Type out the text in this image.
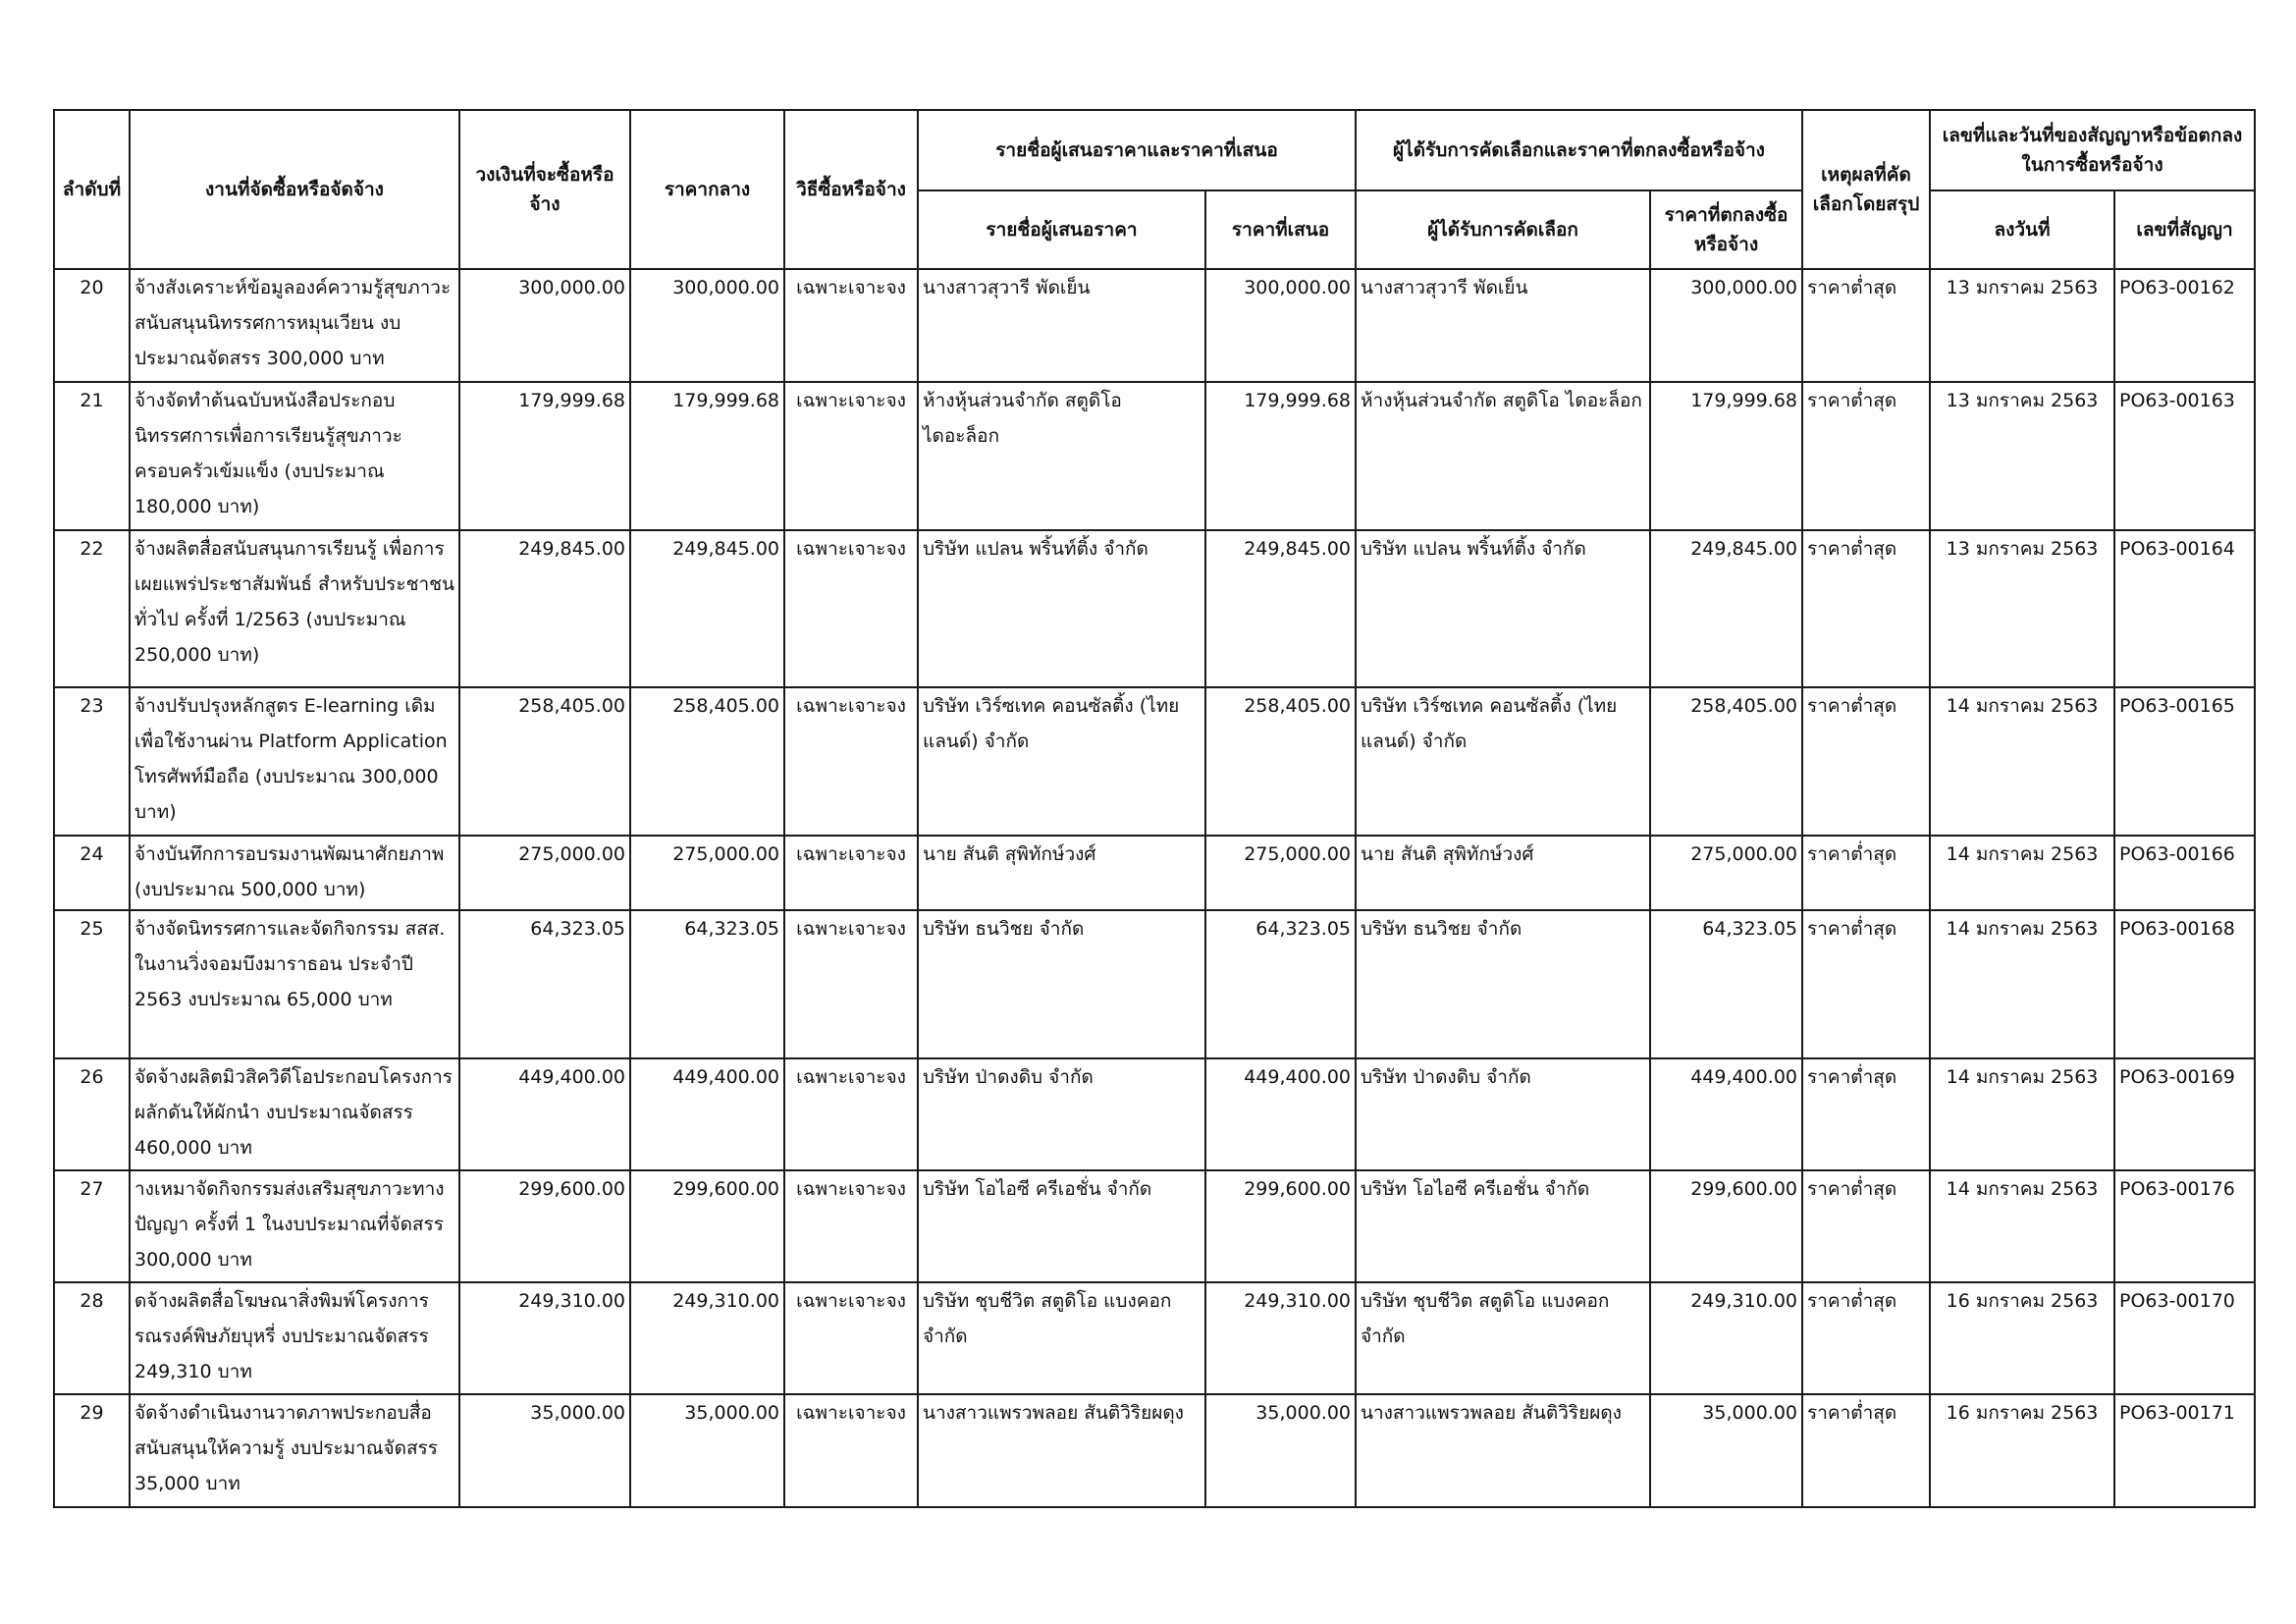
ลำดับที่	งานที่จัดซื้อหรือจัดจ้าง	วงเงินที่จะซื้อหรือจ้าง	ราคากลาง	วิธีซื้อหรือจ้าง	รายชื่อผู้เสนอราคาและราคาที่เสนอ		ผู้ได้รับการคัดเลือกและราคาที่ตกลงซื้อหรือจ้าง		เหตุผลที่คัดเลือกโดยสรุป	เลขที่และวันที่ของสัญญาหรือข้อตกลงในการซื้อหรือจ้าง	
					รายชื่อผู้เสนอราคา	ราคาที่เสนอ	ผู้ได้รับการคัดเลือก	ราคาที่ตกลงซื้อหรือจ้าง		ลงวันที่	เลขที่สัญญา
20	จ้างสังเคราะห์ข้อมูลองค์ความรู้สุขภาวะ สนับสนุนนิทรรศการหมุนเวียน งบประมาณจัดสรร 300,000 บาท	300,000.00	300,000.00	เฉพาะเจาะจง	นางสาวสุวารี พัดเย็น	300,000.00	นางสาวสุวารี พัดเย็น	300,000.00	ราคาต่ำสุด	13 มกราคม 2563	PO63-00162
21	จ้างจัดทำต้นฉบับหนังสือประกอบนิทรรศการเพื่อการเรียนรู้สุขภาวะครอบครัวเข้มแข็ง (งบประมาณ 180,000 บาท)	179,999.68	179,999.68	เฉพาะเจาะจง	ห้างหุ้นส่วนจำกัด สตูดิโอ ไดอะล็อก	179,999.68	ห้างหุ้นส่วนจำกัด สตูดิโอ ไดอะล็อก	179,999.68	ราคาต่ำสุด	13 มกราคม 2563	PO63-00163
22	จ้างผลิตสื่อสนับสนุนการเรียนรู้ เพื่อการเผยแพร่ประชาสัมพันธ์ สำหรับประชาชนทั่วไป ครั้งที่ 1/2563 (งบประมาณ 250,000 บาท)	249,845.00	249,845.00	เฉพาะเจาะจง	บริษัท แปลน พริ้นท์ติ้ง จำกัด	249,845.00	บริษัท แปลน พริ้นท์ติ้ง จำกัด	249,845.00	ราคาต่ำสุด	13 มกราคม 2563	PO63-00164
23	จ้างปรับปรุงหลักสูตร E-learning เดิม เพื่อใช้งานผ่าน Platform Application โทรศัพท์มือถือ (งบประมาณ 300,000 บาท)	258,405.00	258,405.00	เฉพาะเจาะจง	บริษัท เวิร์ซเทค คอนซัลติ้ง (ไทยแลนด์) จำกัด	258,405.00	บริษัท เวิร์ซเทค คอนซัลติ้ง (ไทยแลนด์) จำกัด	258,405.00	ราคาต่ำสุด	14 มกราคม 2563	PO63-00165
24	จ้างบันทึกการอบรมงานพัฒนาศักยภาพ (งบประมาณ 500,000 บาท)	275,000.00	275,000.00	เฉพาะเจาะจง	นาย สันติ สุพิทักษ์วงศ์	275,000.00	นาย สันติ สุพิทักษ์วงศ์	275,000.00	ราคาต่ำสุด	14 มกราคม 2563	PO63-00166
25	จ้างจัดนิทรรศการและจัดกิจกรรม สสส. ในงานวิ่งจอมบึงมาราธอน ประจำปี 2563 งบประมาณ 65,000 บาท	64,323.05	64,323.05	เฉพาะเจาะจง	บริษัท ธนวิชย จำกัด	64,323.05	บริษัท ธนวิชย จำกัด	64,323.05	ราคาต่ำสุด	14 มกราคม 2563	PO63-00168
26	จัดจ้างผลิตมิวสิควิดีโอประกอบโครงการผลักดันให้ผักนำ งบประมาณจัดสรร 460,000 บาท	449,400.00	449,400.00	เฉพาะเจาะจง	บริษัท ป่าดงดิบ จำกัด	449,400.00	บริษัท ป่าดงดิบ จำกัด	449,400.00	ราคาต่ำสุด	14 มกราคม 2563	PO63-00169
27	างเหมาจัดกิจกรรมส่งเสริมสุขภาวะทางปัญญา ครั้งที่ 1 ในงบประมาณที่จัดสรร 300,000 บาท	299,600.00	299,600.00	เฉพาะเจาะจง	บริษัท โอไอซี ครีเอชั่น จำกัด	299,600.00	บริษัท โอไอซี ครีเอชั่น จำกัด	299,600.00	ราคาต่ำสุด	14 มกราคม 2563	PO63-00176
28	ดจ้างผลิตสื่อโฆษณาสิ่งพิมพ์โครงการรณรงค์พิษภัยบุหรี่ งบประมาณจัดสรร 249,310 บาท	249,310.00	249,310.00	เฉพาะเจาะจง	บริษัท ชุบชีวิต สตูดิโอ แบงคอก จำกัด	249,310.00	บริษัท ชุบชีวิต สตูดิโอ แบงคอก จำกัด	249,310.00	ราคาต่ำสุด	16 มกราคม 2563	PO63-00170
29	จัดจ้างดำเนินงานวาดภาพประกอบสื่อสนับสนุนให้ความรู้ งบประมาณจัดสรร 35,000 บาท	35,000.00	35,000.00	เฉพาะเจาะจง	นางสาวแพรวพลอย สันติวิริยผดุง	35,000.00	นางสาวแพรวพลอย สันติวิริยผดุง	35,000.00	ราคาต่ำสุด	16 มกราคม 2563	PO63-00171
